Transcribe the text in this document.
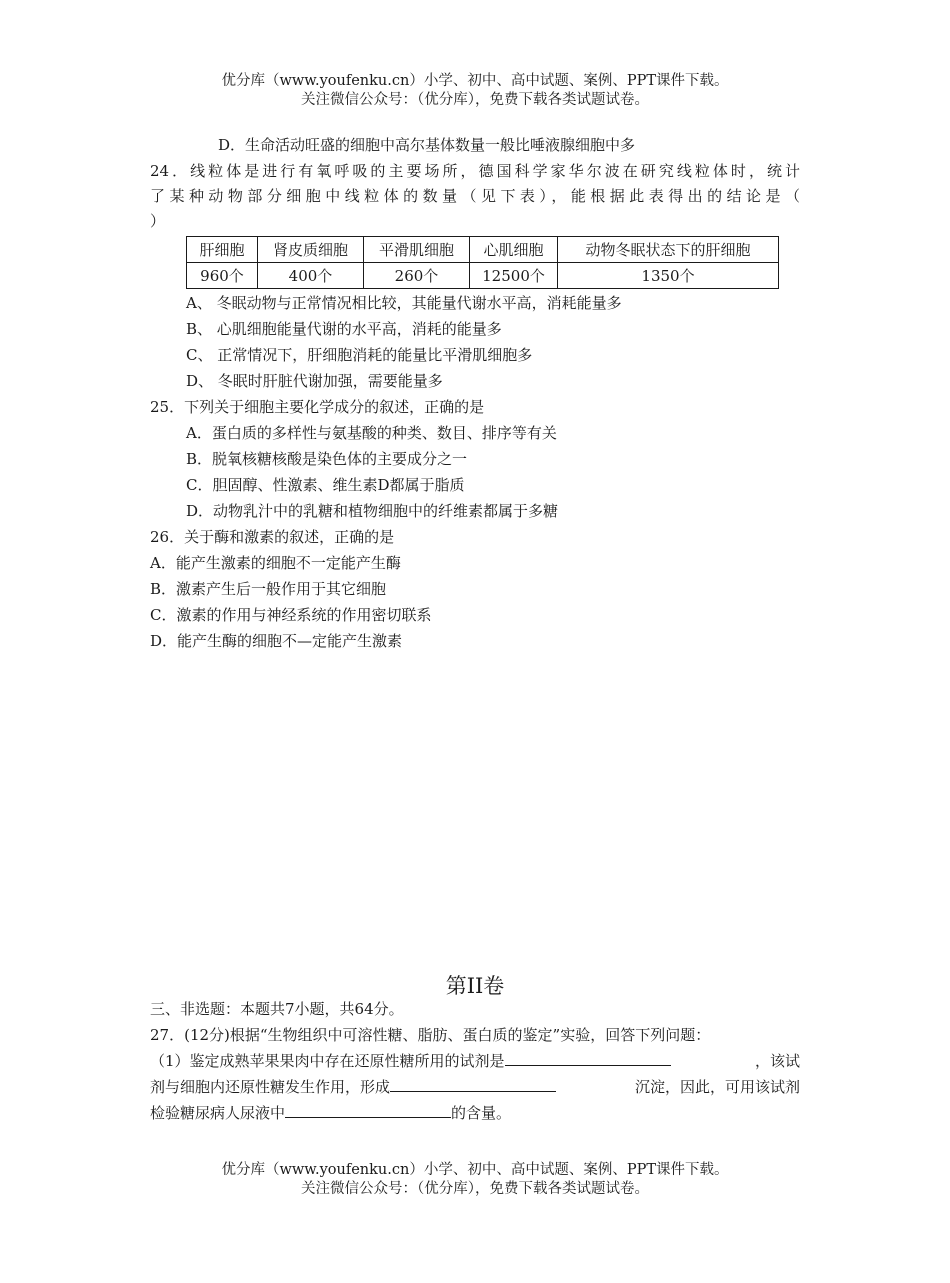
优分库（www.youfenku.cn）小学、初中、高中试题、案例、PPT课件下载。
关注微信公众号：（优分库），免费下载各类试题试卷。
D．生命活动旺盛的细胞中高尔基体数量一般比唾液腺细胞中多
24．线粒体是进行有氧呼吸的主要场所，德国科学家华尔波在研究线粒体时，统计
了某种动物部分细胞中线粒体的数量（见下表），能根据此表得出的结论是（
）
肝细胞	肾皮质细胞	平滑肌细胞	心肌细胞	动物冬眠状态下的肝细胞
960个	400个	260个	12500个	1350个
A、 冬眠动物与正常情况相比较，其能量代谢水平高，消耗能量多
B、 心肌细胞能量代谢的水平高，消耗的能量多
C、 正常情况下，肝细胞消耗的能量比平滑肌细胞多
D、 冬眠时肝脏代谢加强，需要能量多
25．下列关于细胞主要化学成分的叙述，正确的是
A．蛋白质的多样性与氨基酸的种类、数目、排序等有关
B．脱氧核糖核酸是染色体的主要成分之一
C．胆固醇、性激素、维生素D都属于脂质
D．动物乳汁中的乳糖和植物细胞中的纤维素都属于多糖
26．关于酶和激素的叙述，正确的是
A．能产生激素的细胞不一定能产生酶
B．激素产生后一般作用于其它细胞
C．激素的作用与神经系统的作用密切联系
D．能产生酶的细胞不—定能产生激素
第II卷
三、非选题：本题共7小题，共64分。
27．(12分)根据“生物组织中可溶性糖、脂肪、蛋白质的鉴定”实验，回答下列问题：
（1）鉴定成熟苹果果肉中存在还原性糖所用的试剂是	，该试
剂与细胞内还原性糖发生作用，形成	沉淀，因此，可用该试剂
检验糖尿病人尿液中	的含量。
优分库（www.youfenku.cn）小学、初中、高中试题、案例、PPT课件下载。
关注微信公众号：（优分库），免费下载各类试题试卷。
